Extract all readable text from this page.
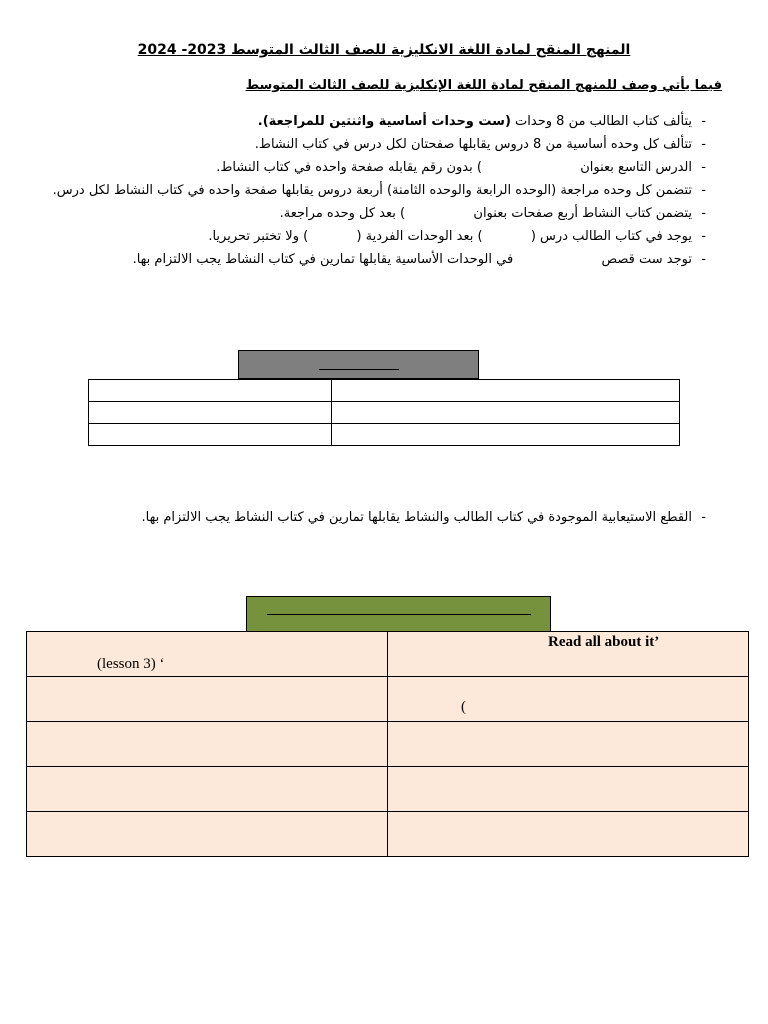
المنهج المنقح لمادة اللغة الانكليزية للصف الثالث المتوسط 2023- 2024
فيما يأتي وصف للمنهج المنقح لمادة اللغة الإنكليزية للصف الثالث المتوسط
- يتألف كتاب الطالب من 8 وحدات (ست وحدات أساسية واثنتين للمراجعة).
- تتألف كل وحده أساسية من 8 دروس يقابلها صفحتان لكل درس في كتاب النشاط.
- الدرس التاسع بعنوان  ) بدون رقم يقابله صفحة واحده في كتاب النشاط.
- تتضمن كل وحده مراجعة (الوحده الرابعة والوحده الثامنة) أربعة دروس يقابلها صفحة واحده في كتاب النشاط لكل درس.
- يتضمن كتاب النشاط أربع صفحات بعنوان  ) بعد كل وحده مراجعة.
- يوجد في كتاب الطالب درس (  ) بعد الوحدات الفردية (  ) ولا تختبر تحريريا.
- توجد ست قصص  في الوحدات الأساسية يقابلها تمارين في كتاب النشاط يجب الالتزام بها.

- القطع الاستيعابية الموجودة في كتاب الطالب والنشاط يقابلها تمارين في كتاب النشاط يجب الالتزام بها.
(lesson 3) ‘	Read all about it’

	(
